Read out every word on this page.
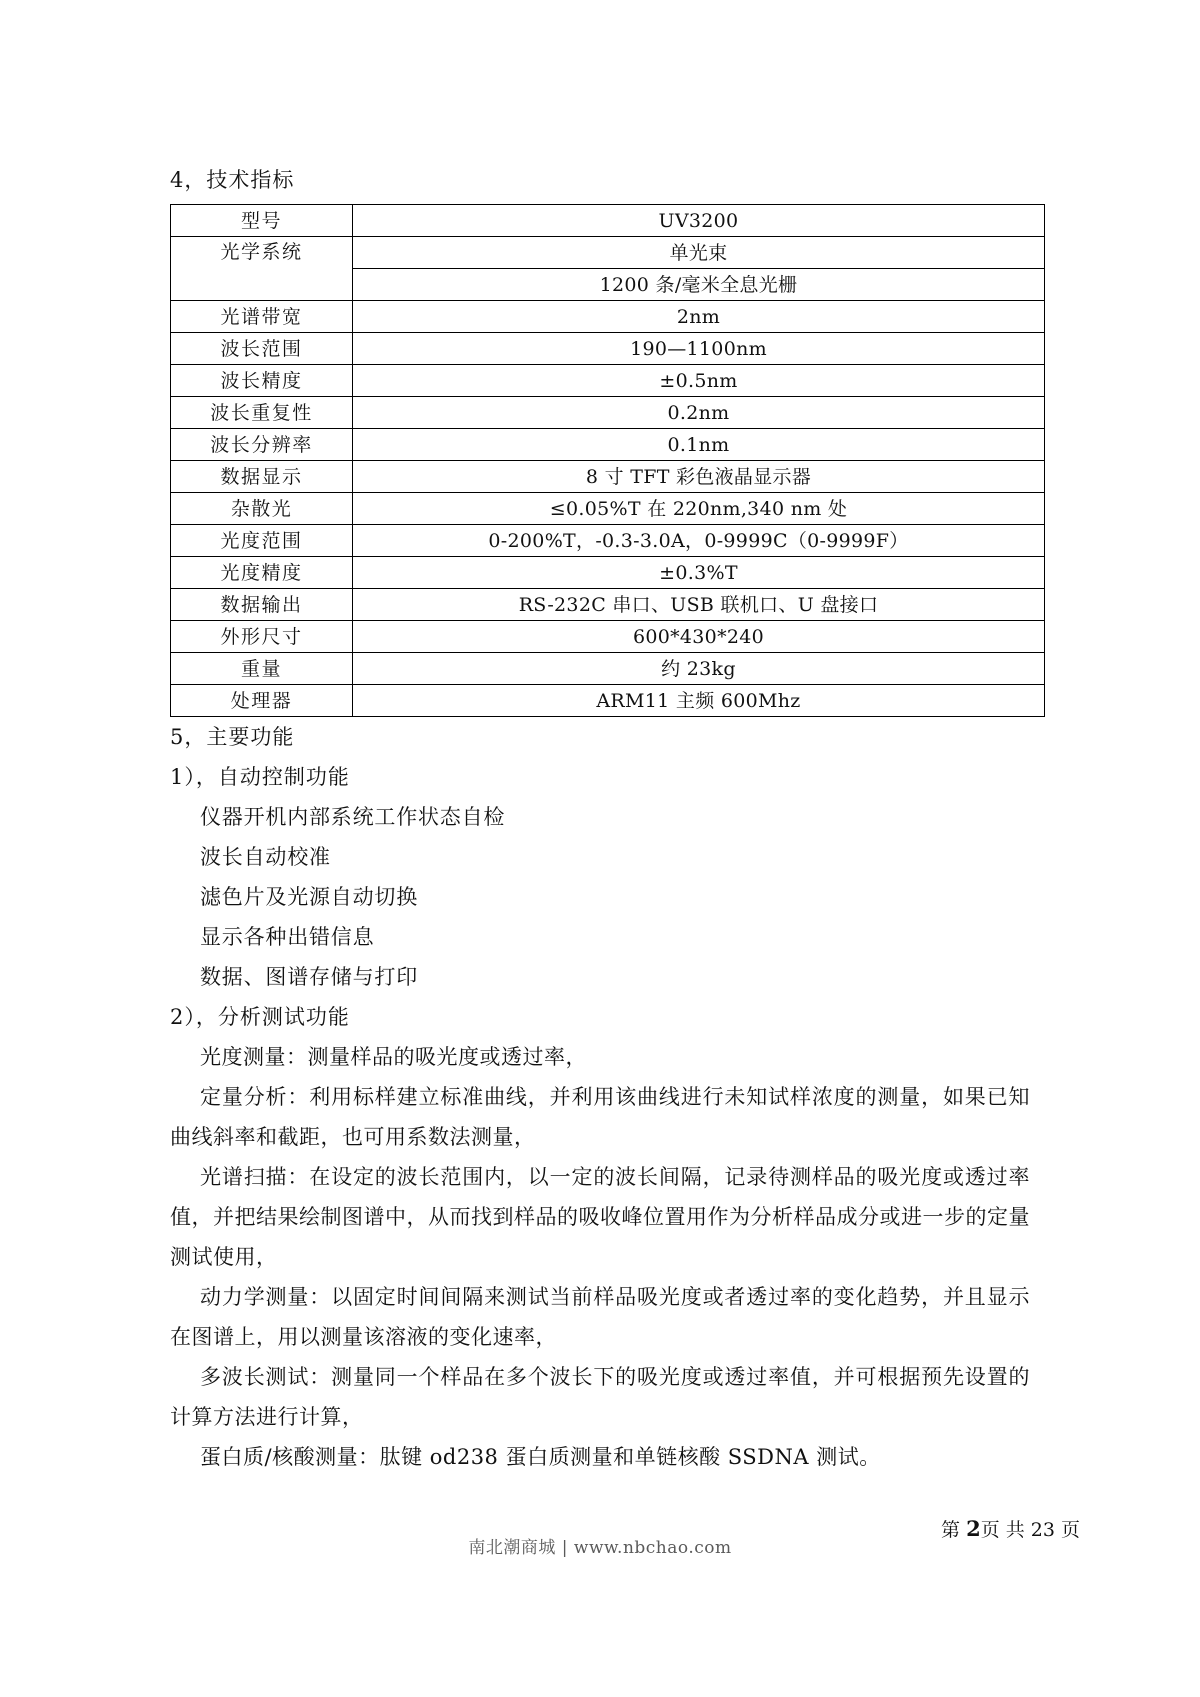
4，技术指标
型号	UV3200
光学系统	单光束
	1200 条/毫米全息光栅
光谱带宽	2nm
波长范围	190—1100nm
波长精度	±0.5nm
波长重复性	0.2nm
波长分辨率	0.1nm
数据显示	8 寸 TFT 彩色液晶显示器
杂散光	≤0.05%T 在 220nm,340 nm 处
光度范围	0-200%T，-0.3-3.0A，0-9999C（0-9999F）
光度精度	±0.3%T
数据输出	RS-232C 串口、USB 联机口、U 盘接口
外形尺寸	600*430*240
重量	约 23kg
处理器	ARM11 主频 600Mhz
5，主要功能
1），自动控制功能
仪器开机内部系统工作状态自检
波长自动校准
滤色片及光源自动切换
显示各种出错信息
数据、图谱存储与打印
2），分析测试功能

光度测量：测量样品的吸光度或透过率，

定量分析：利用标样建立标准曲线，并利用该曲线进行未知试样浓度的测量，如果已知曲线斜率和截距，也可用系数法测量，

光谱扫描：在设定的波长范围内，以一定的波长间隔，记录待测样品的吸光度或透过率值，并把结果绘制图谱中，从而找到样品的吸收峰位置用作为分析样品成分或进一步的定量测试使用，

动力学测量：以固定时间间隔来测试当前样品吸光度或者透过率的变化趋势，并且显示在图谱上，用以测量该溶液的变化速率，

多波长测试：测量同一个样品在多个波长下的吸光度或透过率值，并可根据预先设置的计算方法进行计算，

蛋白质/核酸测量：肽键 od238 蛋白质测量和单链核酸 SSDNA 测试。

第 2页 共 23 页

南北潮商城 | www.nbchao.com
